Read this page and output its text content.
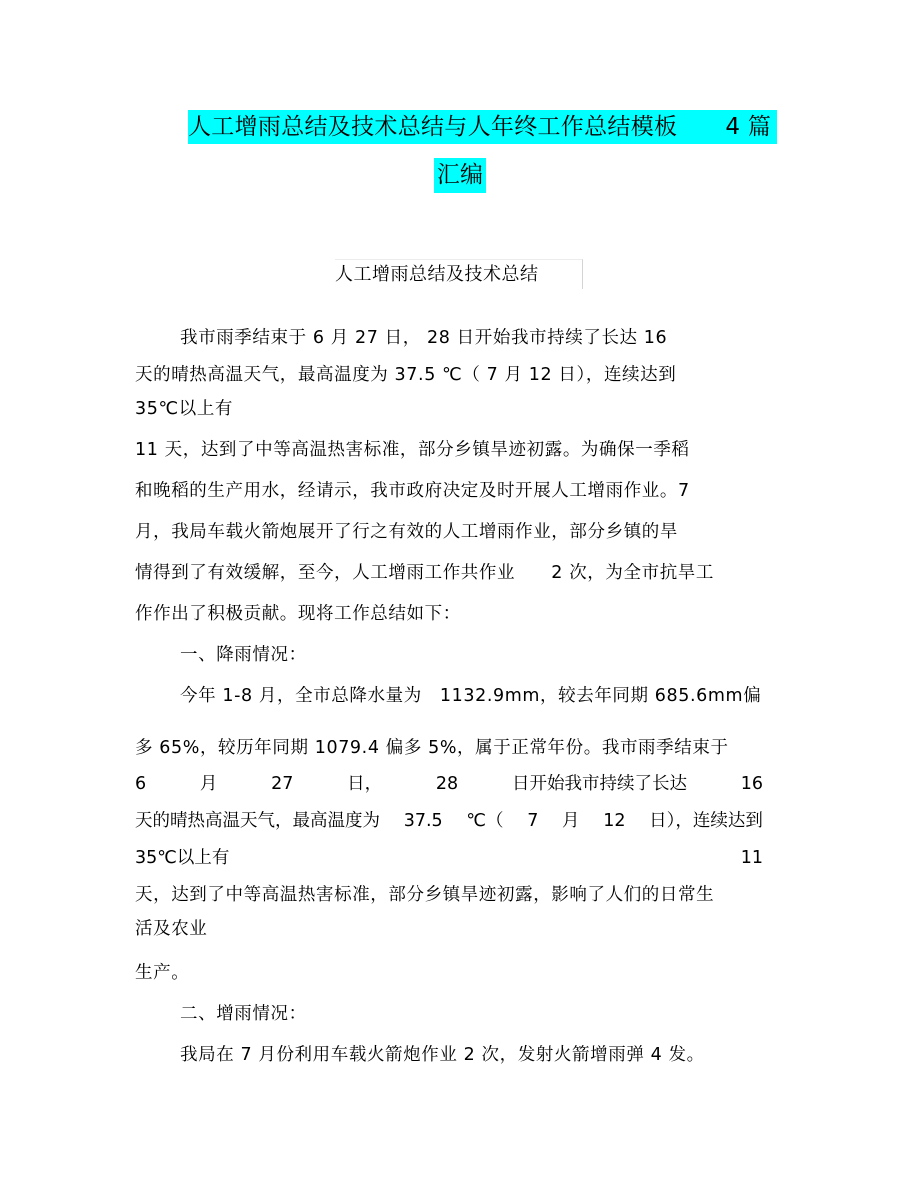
人工增雨总结及技术总结与人年终工作总结模板 4 篇
汇编
人工增雨总结及技术总结
我市雨季结束于 6 月 27 日， 28 日开始我市持续了长达 16
天的晴热高温天气，最高温度为 37.5 ℃（ 7 月 12 日），连续达到
35℃以上有
11 天，达到了中等高温热害标准，部分乡镇旱迹初露。为确保一季稻
和晚稻的生产用水，经请示，我市政府决定及时开展人工增雨作业。7
月，我局车载火箭炮展开了行之有效的人工增雨作业，部分乡镇的旱
情得到了有效缓解，至今，人工增雨工作共作业　　2 次，为全市抗旱工
作作出了积极贡献。现将工作总结如下：
一、降雨情况：
今年 1-8 月，全市总降水量为　1132.9mm，较去年同期 685.6mm偏
多 65%，较历年同期 1079.4 偏多 5%，属于正常年份。我市雨季结束于
6	月	27	日，	28	日开始我市持续了长达	16
天的晴热高温天气，最高温度为 37.5 ℃（ 7 月 12 日），连续达到
35℃以上有	11
天，达到了中等高温热害标准，部分乡镇旱迹初露，影响了人们的日常生
活及农业
生产。
二、增雨情况：
我局在 7 月份利用车载火箭炮作业 2 次，发射火箭增雨弹 4 发。
